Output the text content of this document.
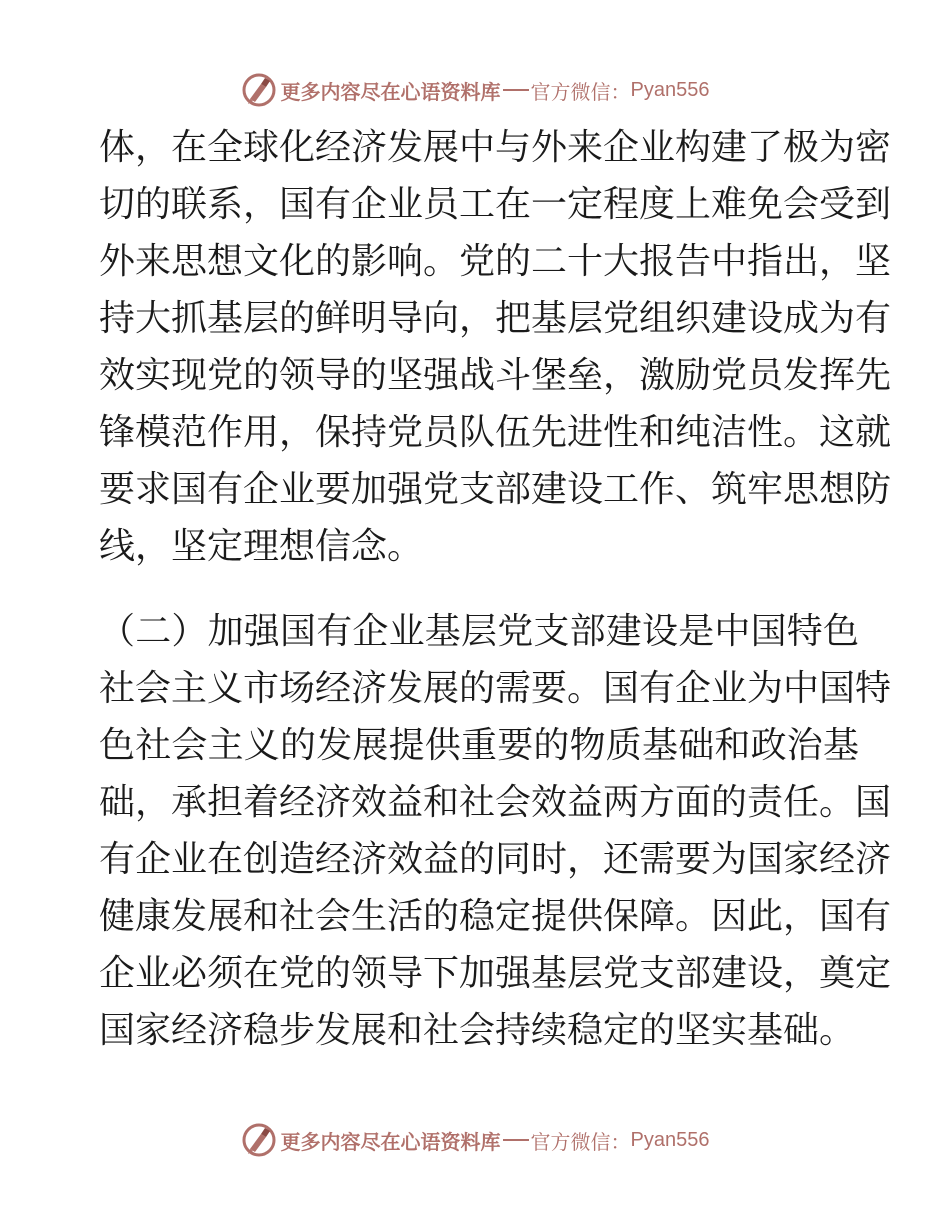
更多内容尽在心语资料库 官方微信： Pyan556
体，在全球化经济发展中与外来企业构建了极为密
切的联系，国有企业员工在一定程度上难免会受到
外来思想文化的影响。党的二十大报告中指出，坚
持大抓基层的鲜明导向，把基层党组织建设成为有
效实现党的领导的坚强战斗堡垒，激励党员发挥先
锋模范作用，保持党员队伍先进性和纯洁性。这就
要求国有企业要加强党支部建设工作、筑牢思想防
线，坚定理想信念。
（二）加强国有企业基层党支部建设是中国特色
社会主义市场经济发展的需要。国有企业为中国特
色社会主义的发展提供重要的物质基础和政治基
础，承担着经济效益和社会效益两方面的责任。国
有企业在创造经济效益的同时，还需要为国家经济
健康发展和社会生活的稳定提供保障。因此，国有
企业必须在党的领导下加强基层党支部建设，奠定
国家经济稳步发展和社会持续稳定的坚实基础。
更多内容尽在心语资料库 官方微信： Pyan556
